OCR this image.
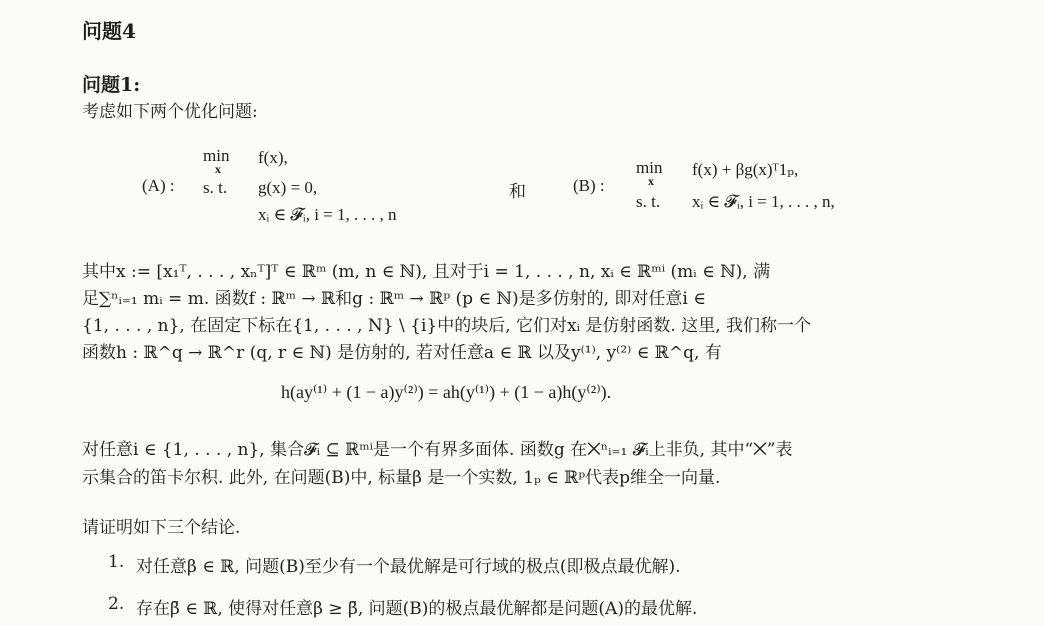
问题4
问题1:
考虑如下两个优化问题:
(A) :
min
x
s. t.
f(x),
g(x) = 0,
xᵢ ∈ 𝓕ᵢ, i = 1, . . . , n
和	(B) :
min
x
s. t.
f(x) + βg(x)ᵀ1ₚ,
xᵢ ∈ 𝓕ᵢ, i = 1, . . . , n,
其中x := [x₁ᵀ, . . . , xₙᵀ]ᵀ ∈ ℝᵐ (m, n ∈ ℕ), 且对于i = 1, . . . , n, xᵢ ∈ ℝᵐⁱ (mᵢ ∈ ℕ), 满
足∑ⁿᵢ₌₁ mᵢ = m. 函数f : ℝᵐ → ℝ和g : ℝᵐ → ℝᵖ (p ∈ ℕ)是多仿射的, 即对任意i ∈
{1, . . . , n}, 在固定下标在{1, . . . , N} \ {i}中的块后, 它们对xᵢ 是仿射函数. 这里, 我们称一个
函数h : ℝ^q → ℝ^r (q, r ∈ ℕ) 是仿射的, 若对任意a ∈ ℝ 以及y⁽¹⁾, y⁽²⁾ ∈ ℝ^q, 有
h(ay⁽¹⁾ + (1 − a)y⁽²⁾) = ah(y⁽¹⁾) + (1 − a)h(y⁽²⁾).
对任意i ∈ {1, . . . , n}, 集合𝓕ᵢ ⊆ ℝᵐⁱ是一个有界多面体. 函数g 在⨉ⁿᵢ₌₁ 𝓕ᵢ上非负, 其中“⨉”表
示集合的笛卡尔积. 此外, 在问题(B)中, 标量β 是一个实数, 1ₚ ∈ ℝᵖ代表p维全一向量.
请证明如下三个结论.
1. 对任意β ∈ ℝ, 问题(B)至少有一个最优解是可行域的极点(即极点最优解).
2. 存在β̄ ∈ ℝ, 使得对任意β ≥ β̄, 问题(B)的极点最优解都是问题(A)的最优解.
